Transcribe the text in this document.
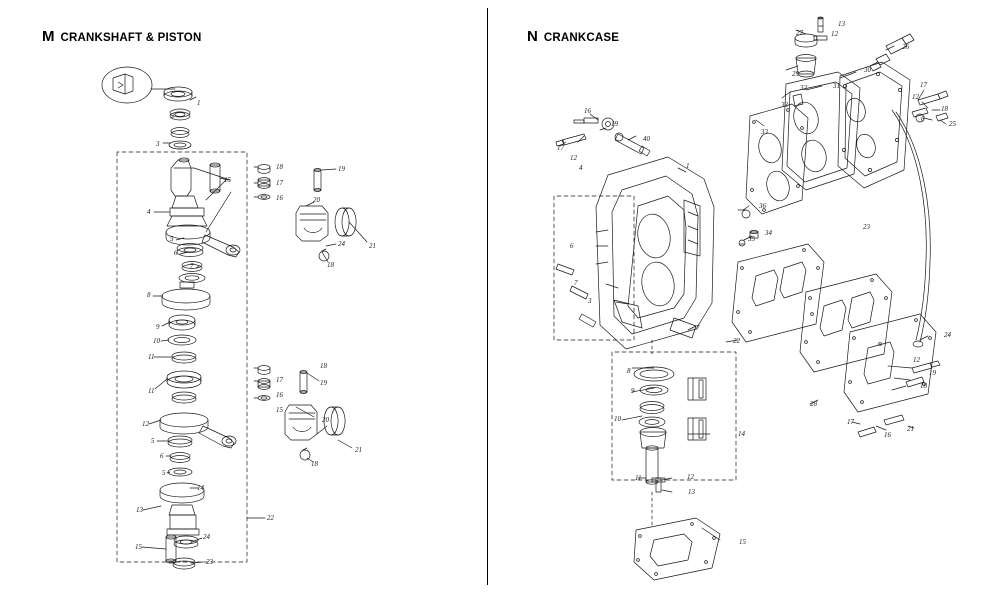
M CRANKSHAFT & PISTON
1
2
3
4
5
6
7
8
9
10
11
11
12
5
6
5
14
13
15
24
23
22
15
18
17
16
19
20
21
24
18
18
17
16
19
15
20
21
18
N CRANKCASE
13
12
27
26
29	30
31
32	17
12
18
33
33
6
25
16
19
40
17
12
4	1
36
35
34
6
23
7
3
7
22
24
8
9
10
14
12
19
18
28
17
16
21
11	12
13
15
